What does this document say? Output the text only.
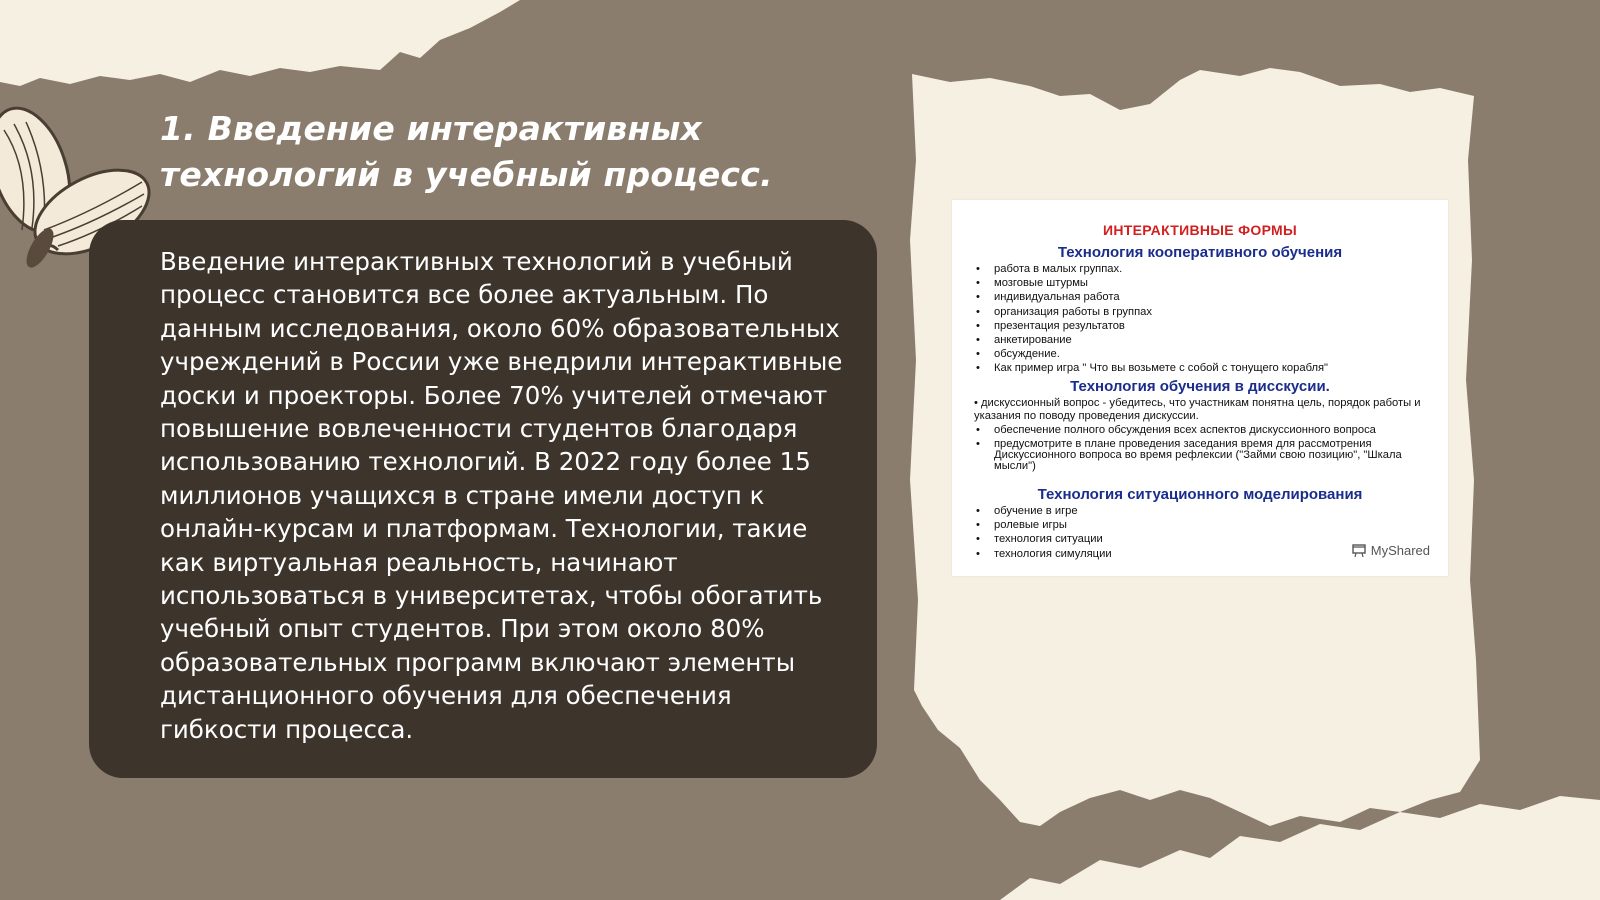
1. Введение интерактивных технологий в учебный процесс.

Введение интерактивных технологий в учебный процесс становится все более актуальным. По данным исследования, около 60% образовательных учреждений в России уже внедрили интерактивные доски и проекторы. Более 70% учителей отмечают повышение вовлеченности студентов благодаря использованию технологий. В 2022 году более 15 миллионов учащихся в стране имели доступ к онлайн-курсам и платформам. Технологии, такие как виртуальная реальность, начинают использоваться в университетах, чтобы обогатить учебный опыт студентов. При этом около 80% образовательных программ включают элементы дистанционного обучения для обеспечения гибкости процесса.

ИНТЕРАКТИВНЫЕ ФОРМЫ
Технология кооперативного обучения
• работа в малых группах.
• мозговые штурмы
• индивидуальная работа
• организация работы в группах
• презентация результатов
• анкетирование
• обсуждение.
• Как пример игра " Что вы возьмете с собой с тонущего корабля"
Технология обучения в дисскусии.

• дискуссионный вопрос - убедитесь, что участникам понятна цель, порядок работы и указания по поводу проведения дискуссии.

• обеспечение полного обсуждения всех аспектов дискуссионного вопроса
• предусмотрите в плане проведения заседания время для рассмотрения Дискуссионного вопроса во время рефлексии ("Займи свою позицию", "Шкала мысли")
Технология ситуационного моделирования
• обучение в игре
• ролевые игры
• технология ситуации
• технология симуляции	MyShared
